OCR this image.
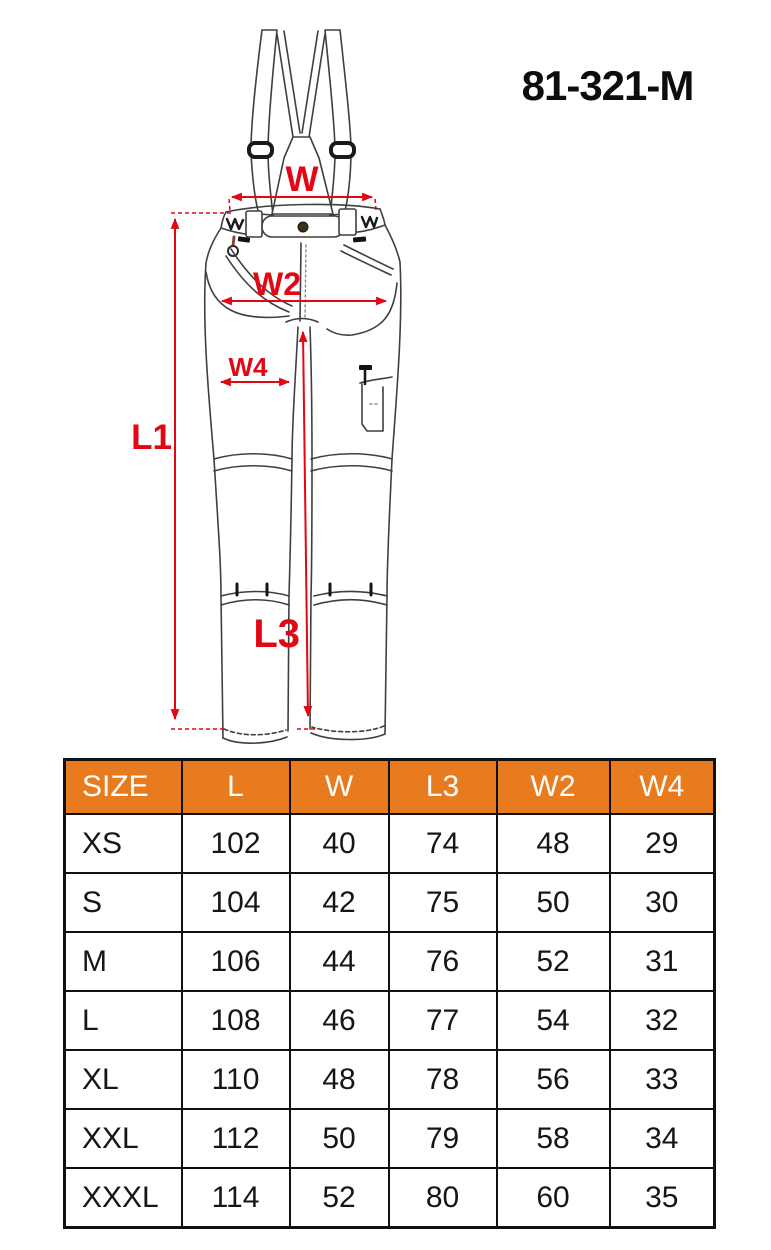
81-321-M
W
W2
W4
L1
L3
SIZE	L	W	L3	W2	W4
XS	102	40	74	48	29
S	104	42	75	50	30
M	106	44	76	52	31
L	108	46	77	54	32
XL	110	48	78	56	33
XXL	112	50	79	58	34
XXXL	114	52	80	60	35
